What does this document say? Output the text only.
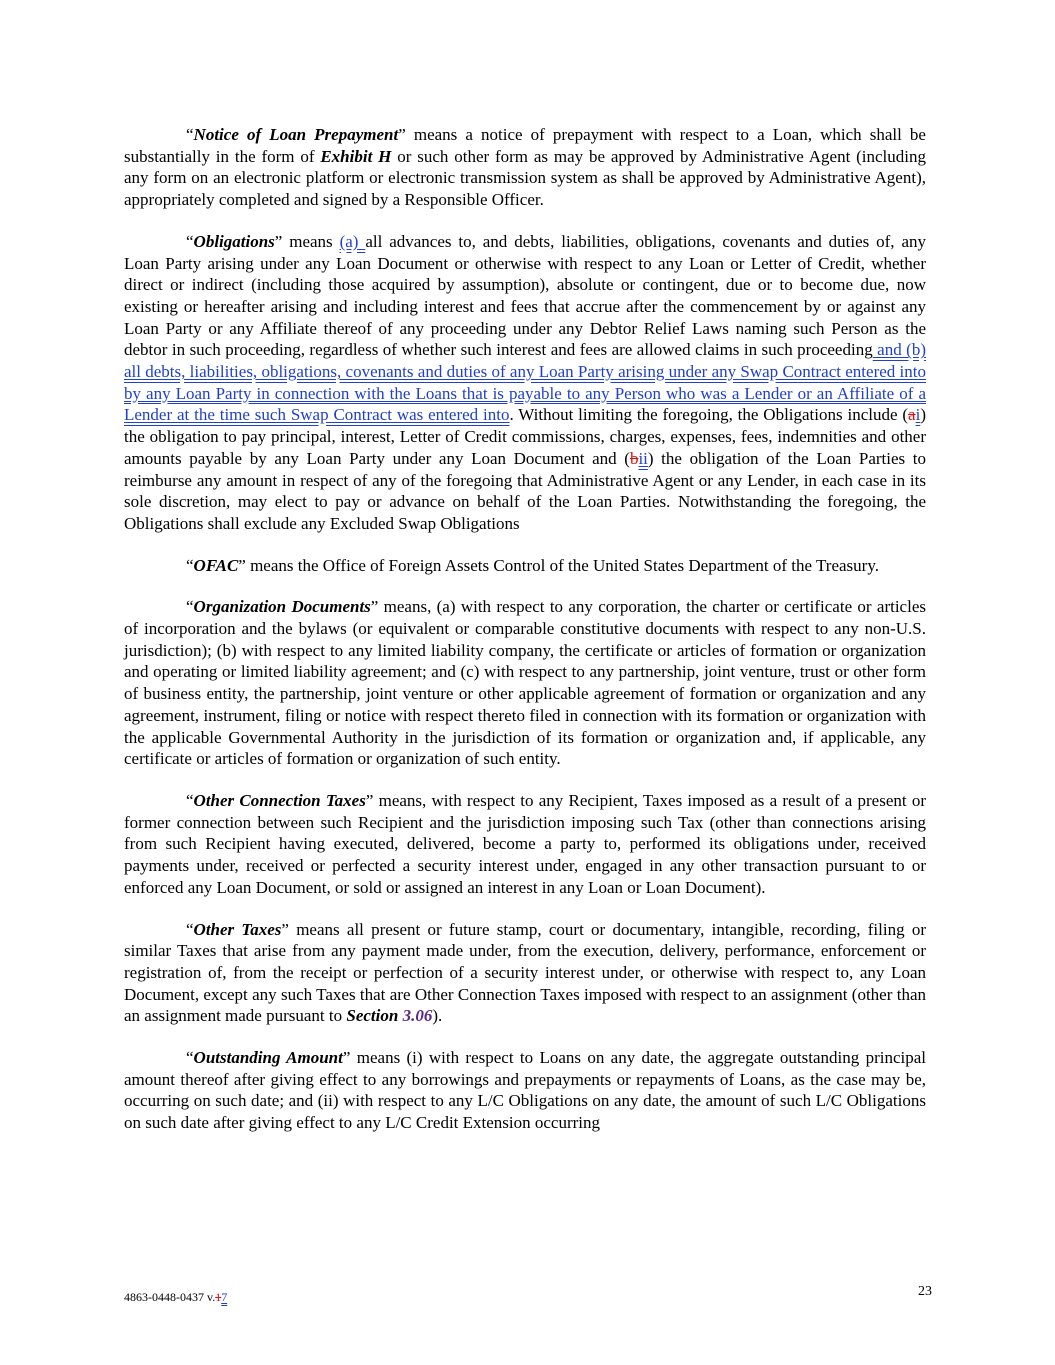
“Notice of Loan Prepayment” means a notice of prepayment with respect to a Loan, which shall be substantially in the form of Exhibit H or such other form as may be approved by Administrative Agent (including any form on an electronic platform or electronic transmission system as shall be approved by Administrative Agent), appropriately completed and signed by a Responsible Officer.

“Obligations” means (a) all advances to, and debts, liabilities, obligations, covenants and duties of, any Loan Party arising under any Loan Document or otherwise with respect to any Loan or Letter of Credit, whether direct or indirect (including those acquired by assumption), absolute or contingent, due or to become due, now existing or hereafter arising and including interest and fees that accrue after the commencement by or against any Loan Party or any Affiliate thereof of any proceeding under any Debtor Relief Laws naming such Person as the debtor in such proceeding, regardless of whether such interest and fees are allowed claims in such proceeding and (b) all debts, liabilities, obligations, covenants and duties of any Loan Party arising under any Swap Contract entered into by any Loan Party in connection with the Loans that is payable to any Person who was a Lender or an Affiliate of a Lender at the time such Swap Contract was entered into. Without limiting the foregoing, the Obligations include (ai) the obligation to pay principal, interest, Letter of Credit commissions, charges, expenses, fees, indemnities and other amounts payable by any Loan Party under any Loan Document and (bii) the obligation of the Loan Parties to reimburse any amount in respect of any of the foregoing that Administrative Agent or any Lender, in each case in its sole discretion, may elect to pay or advance on behalf of the Loan Parties. Notwithstanding the foregoing, the Obligations shall exclude any Excluded Swap Obligations

“OFAC” means the Office of Foreign Assets Control of the United States Department of the Treasury.

“Organization Documents” means, (a) with respect to any corporation, the charter or certificate or articles of incorporation and the bylaws (or equivalent or comparable constitutive documents with respect to any non-U.S. jurisdiction); (b) with respect to any limited liability company, the certificate or articles of formation or organization and operating or limited liability agreement; and (c) with respect to any partnership, joint venture, trust or other form of business entity, the partnership, joint venture or other applicable agreement of formation or organization and any agreement, instrument, filing or notice with respect thereto filed in connection with its formation or organization with the applicable Governmental Authority in the jurisdiction of its formation or organization and, if applicable, any certificate or articles of formation or organization of such entity.

“Other Connection Taxes” means, with respect to any Recipient, Taxes imposed as a result of a present or former connection between such Recipient and the jurisdiction imposing such Tax (other than connections arising from such Recipient having executed, delivered, become a party to, performed its obligations under, received payments under, received or perfected a security interest under, engaged in any other transaction pursuant to or enforced any Loan Document, or sold or assigned an interest in any Loan or Loan Document).

“Other Taxes” means all present or future stamp, court or documentary, intangible, recording, filing or similar Taxes that arise from any payment made under, from the execution, delivery, performance, enforcement or registration of, from the receipt or perfection of a security interest under, or otherwise with respect to, any Loan Document, except any such Taxes that are Other Connection Taxes imposed with respect to an assignment (other than an assignment made pursuant to Section 3.06).

“Outstanding Amount” means (i) with respect to Loans on any date, the aggregate outstanding principal amount thereof after giving effect to any borrowings and prepayments or repayments of Loans, as the case may be, occurring on such date; and (ii) with respect to any L/C Obligations on any date, the amount of such L/C Obligations on such date after giving effect to any L/C Credit Extension occurring

4863-0448-0437 v.17	23
